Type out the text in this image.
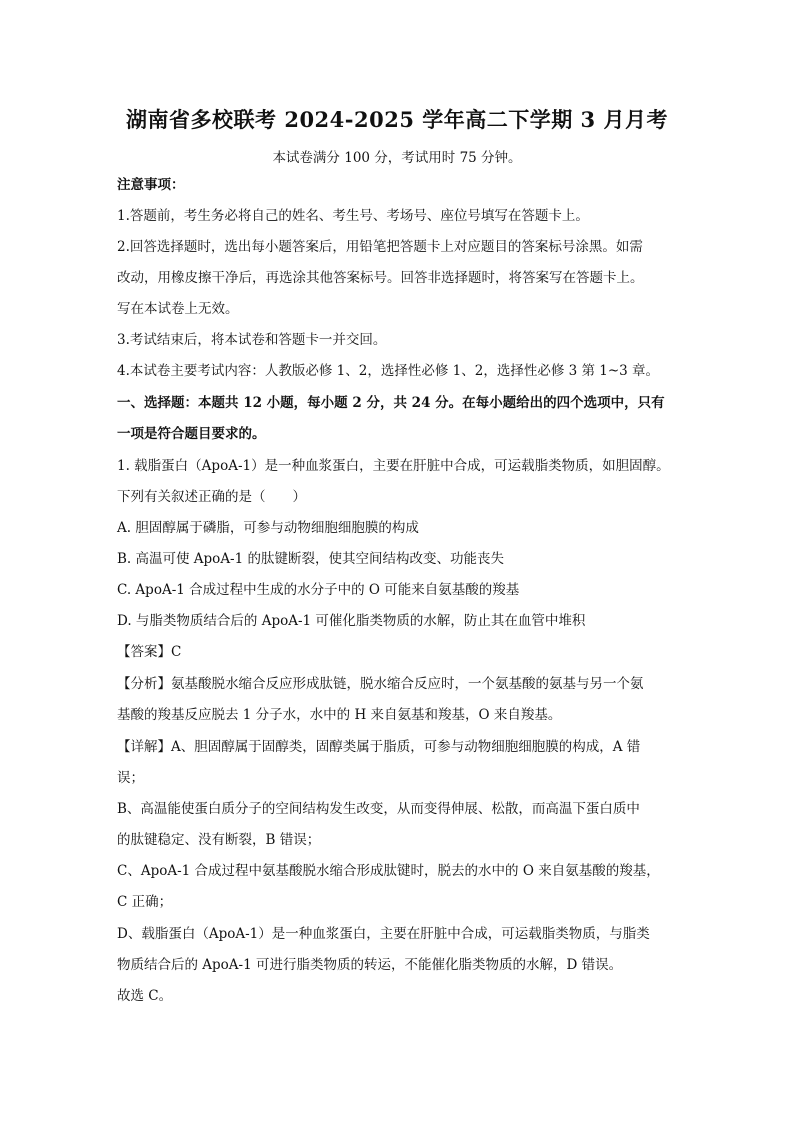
湖南省多校联考 2024-2025 学年高二下学期 3 月月考
本试卷满分 100 分，考试用时 75 分钟。
注意事项：
1.答题前，考生务必将自己的姓名、考生号、考场号、座位号填写在答题卡上。
2.回答选择题时，选出每小题答案后，用铅笔把答题卡上对应题目的答案标号涂黑。如需
改动，用橡皮擦干净后，再选涂其他答案标号。回答非选择题时，将答案写在答题卡上。
写在本试卷上无效。
3.考试结束后，将本试卷和答题卡一并交回。
4.本试卷主要考试内容：人教版必修 1、2，选择性必修 1、2，选择性必修 3 第 1~3 章。
一、选择题：本题共 12 小题，每小题 2 分，共 24 分。在每小题给出的四个选项中，只有
一项是符合题目要求的。
1. 载脂蛋白（ApoA-1）是一种血浆蛋白，主要在肝脏中合成，可运载脂类物质，如胆固醇。
下列有关叙述正确的是（　　）
A. 胆固醇属于磷脂，可参与动物细胞细胞膜的构成
B. 高温可使 ApoA-1 的肽键断裂，使其空间结构改变、功能丧失
C. ApoA-1 合成过程中生成的水分子中的 O 可能来自氨基酸的羧基
D. 与脂类物质结合后的 ApoA-1 可催化脂类物质的水解，防止其在血管中堆积
【答案】C
【分析】氨基酸脱水缩合反应形成肽链，脱水缩合反应时，一个氨基酸的氨基与另一个氨
基酸的羧基反应脱去 1 分子水，水中的 H 来自氨基和羧基，O 来自羧基。
【详解】A、胆固醇属于固醇类，固醇类属于脂质，可参与动物细胞细胞膜的构成，A 错
误；
B、高温能使蛋白质分子的空间结构发生改变，从而变得伸展、松散，而高温下蛋白质中
的肽键稳定、没有断裂，B 错误；
C、ApoA-1 合成过程中氨基酸脱水缩合形成肽键时，脱去的水中的 O 来自氨基酸的羧基，
C 正确；
D、载脂蛋白（ApoA-1）是一种血浆蛋白，主要在肝脏中合成，可运载脂类物质，与脂类
物质结合后的 ApoA-1 可进行脂类物质的转运，不能催化脂类物质的水解，D 错误。
故选 C。
